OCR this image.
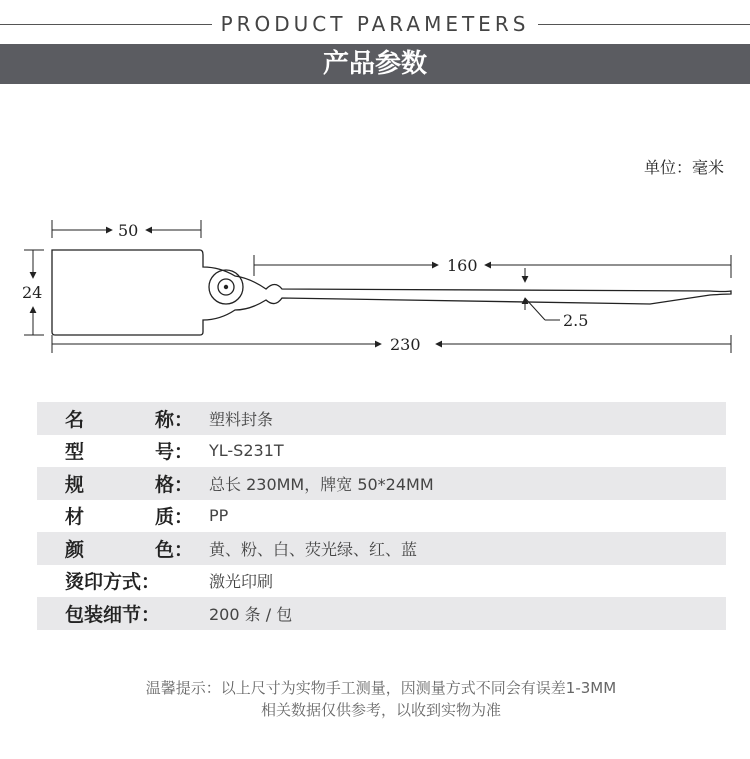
PRODUCT PARAMETERS
产品参数
单位：毫米
50
24
160
2.5
230
名	称： 塑料封条
型	号： YL-S231T
规	格： 总长 230MM，牌宽 50*24MM
材	质： PP
颜	色： 黄、粉、白、荧光绿、红、蓝
烫印方式：	激光印刷
包装细节：	200 条 / 包
温馨提示：以上尺寸为实物手工测量，因测量方式不同会有误差1-3MM
相关数据仅供参考，以收到实物为准
